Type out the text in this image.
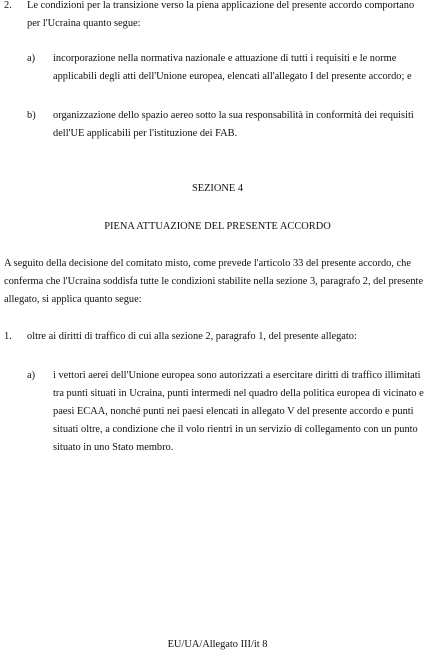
2.	Le condizioni per la transizione verso la piena applicazione del presente accordo comportano per l'Ucraina quanto segue:
a)	incorporazione nella normativa nazionale e attuazione di tutti i requisiti e le norme applicabili degli atti dell'Unione europea, elencati all'allegato I del presente accordo; e
b)	organizzazione dello spazio aereo sotto la sua responsabilità in conformità dei requisiti dell'UE applicabili per l'istituzione dei FAB.
SEZIONE 4
PIENA ATTUAZIONE DEL PRESENTE ACCORDO
A seguito della decisione del comitato misto, come prevede l'articolo 33 del presente accordo, che conferma che l'Ucraina soddisfa tutte le condizioni stabilite nella sezione 3, paragrafo 2, del presente allegato, si applica quanto segue:
1.	oltre ai diritti di traffico di cui alla sezione 2, paragrafo 1, del presente allegato:
a)	i vettori aerei dell'Unione europea sono autorizzati a esercitare diritti di traffico illimitati tra punti situati in Ucraina, punti intermedi nel quadro della politica europea di vicinato e paesi ECAA, nonché punti nei paesi elencati in allegato V del presente accordo e punti situati oltre, a condizione che il volo rientri in un servizio di collegamento con un punto situato in uno Stato membro.
EU/UA/Allegato III/it 8
